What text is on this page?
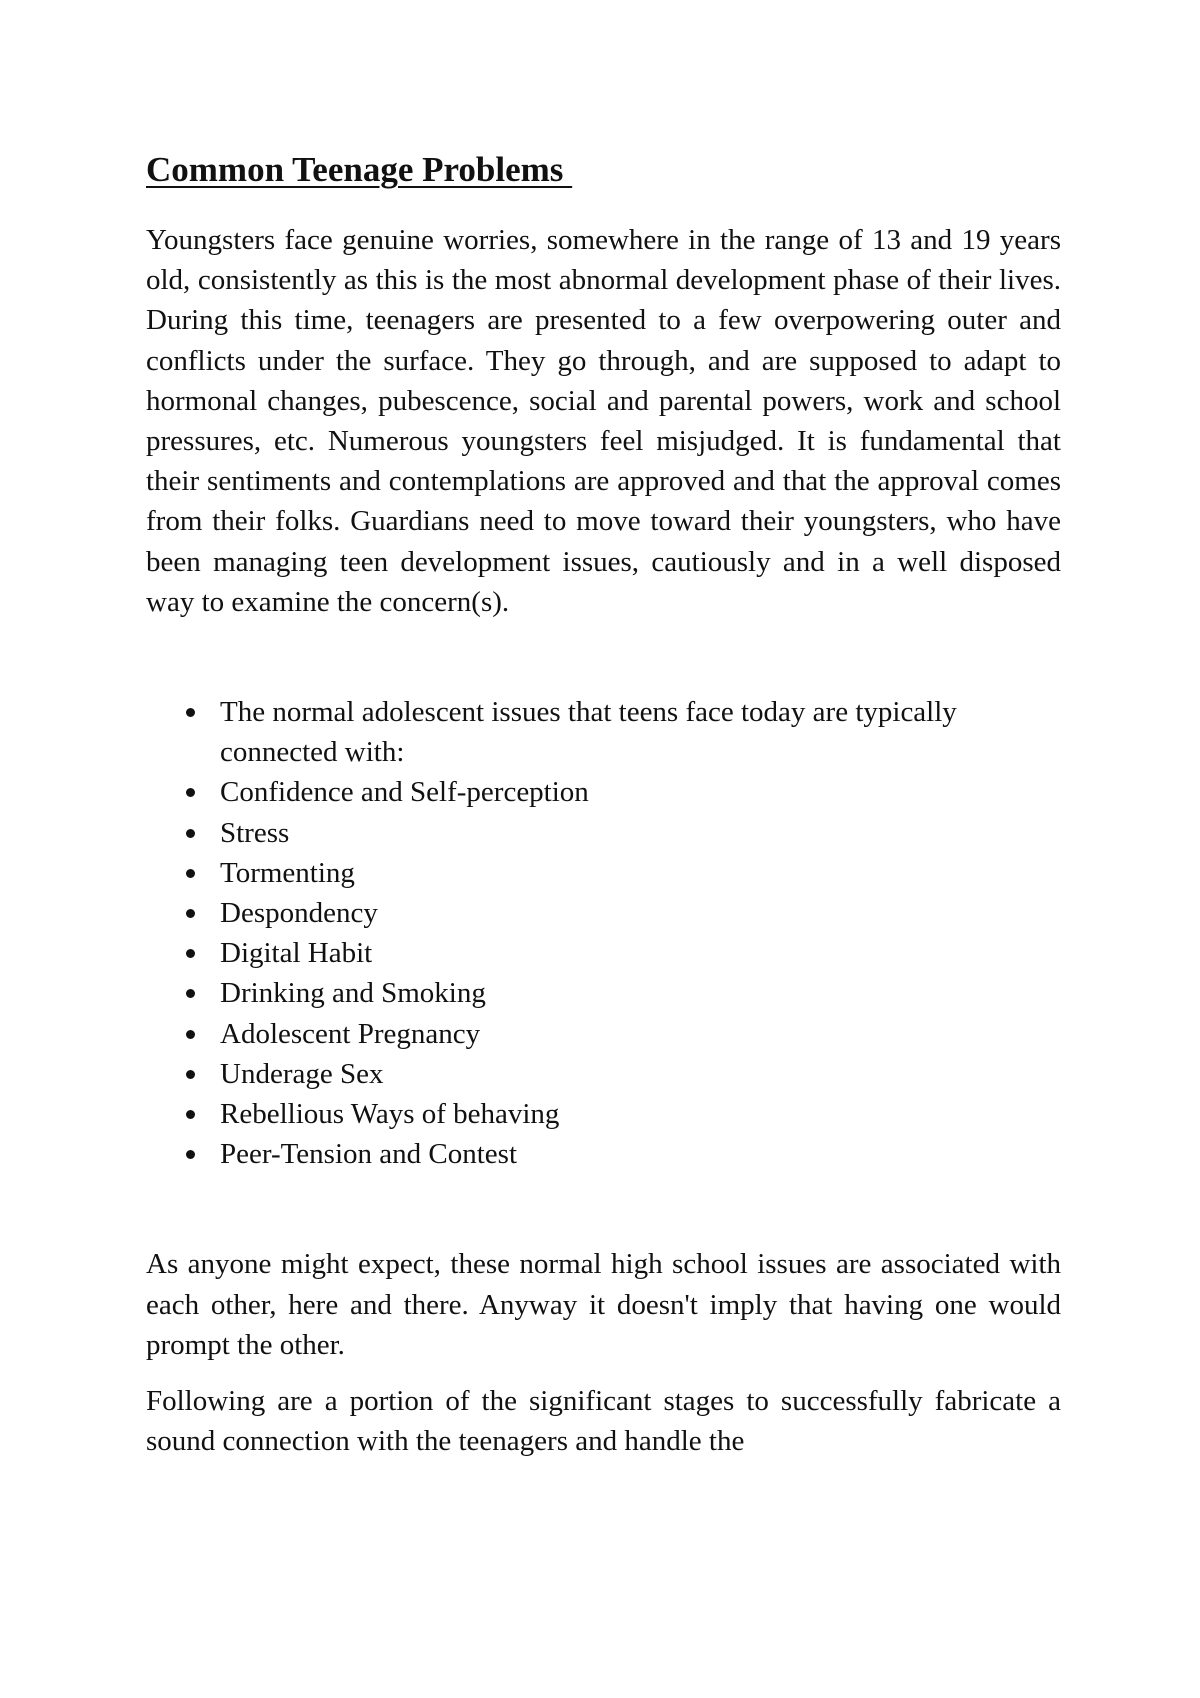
Common Teenage Problems

Youngsters face genuine worries, somewhere in the range of 13 and 19 years old, consistently as this is the most abnormal development phase of their lives. During this time, teenagers are presented to a few overpowering outer and conflicts under the surface. They go through, and are supposed to adapt to hormonal changes, pubescence, social and parental powers, work and school pressures, etc. Numerous youngsters feel misjudged. It is fundamental that their sentiments and contemplations are approved and that the approval comes from their folks. Guardians need to move toward their youngsters, who have been managing teen development issues, cautiously and in a well disposed way to examine the concern(s).

The normal adolescent issues that teens face today are typically connected with:
Confidence and Self-perception
Stress
Tormenting
Despondency
Digital Habit
Drinking and Smoking
Adolescent Pregnancy
Underage Sex
Rebellious Ways of behaving
Peer-Tension and Contest

As anyone might expect, these normal high school issues are associated with each other, here and there. Anyway it doesn't imply that having one would prompt the other.

Following are a portion of the significant stages to successfully fabricate a sound connection with the teenagers and handle the
